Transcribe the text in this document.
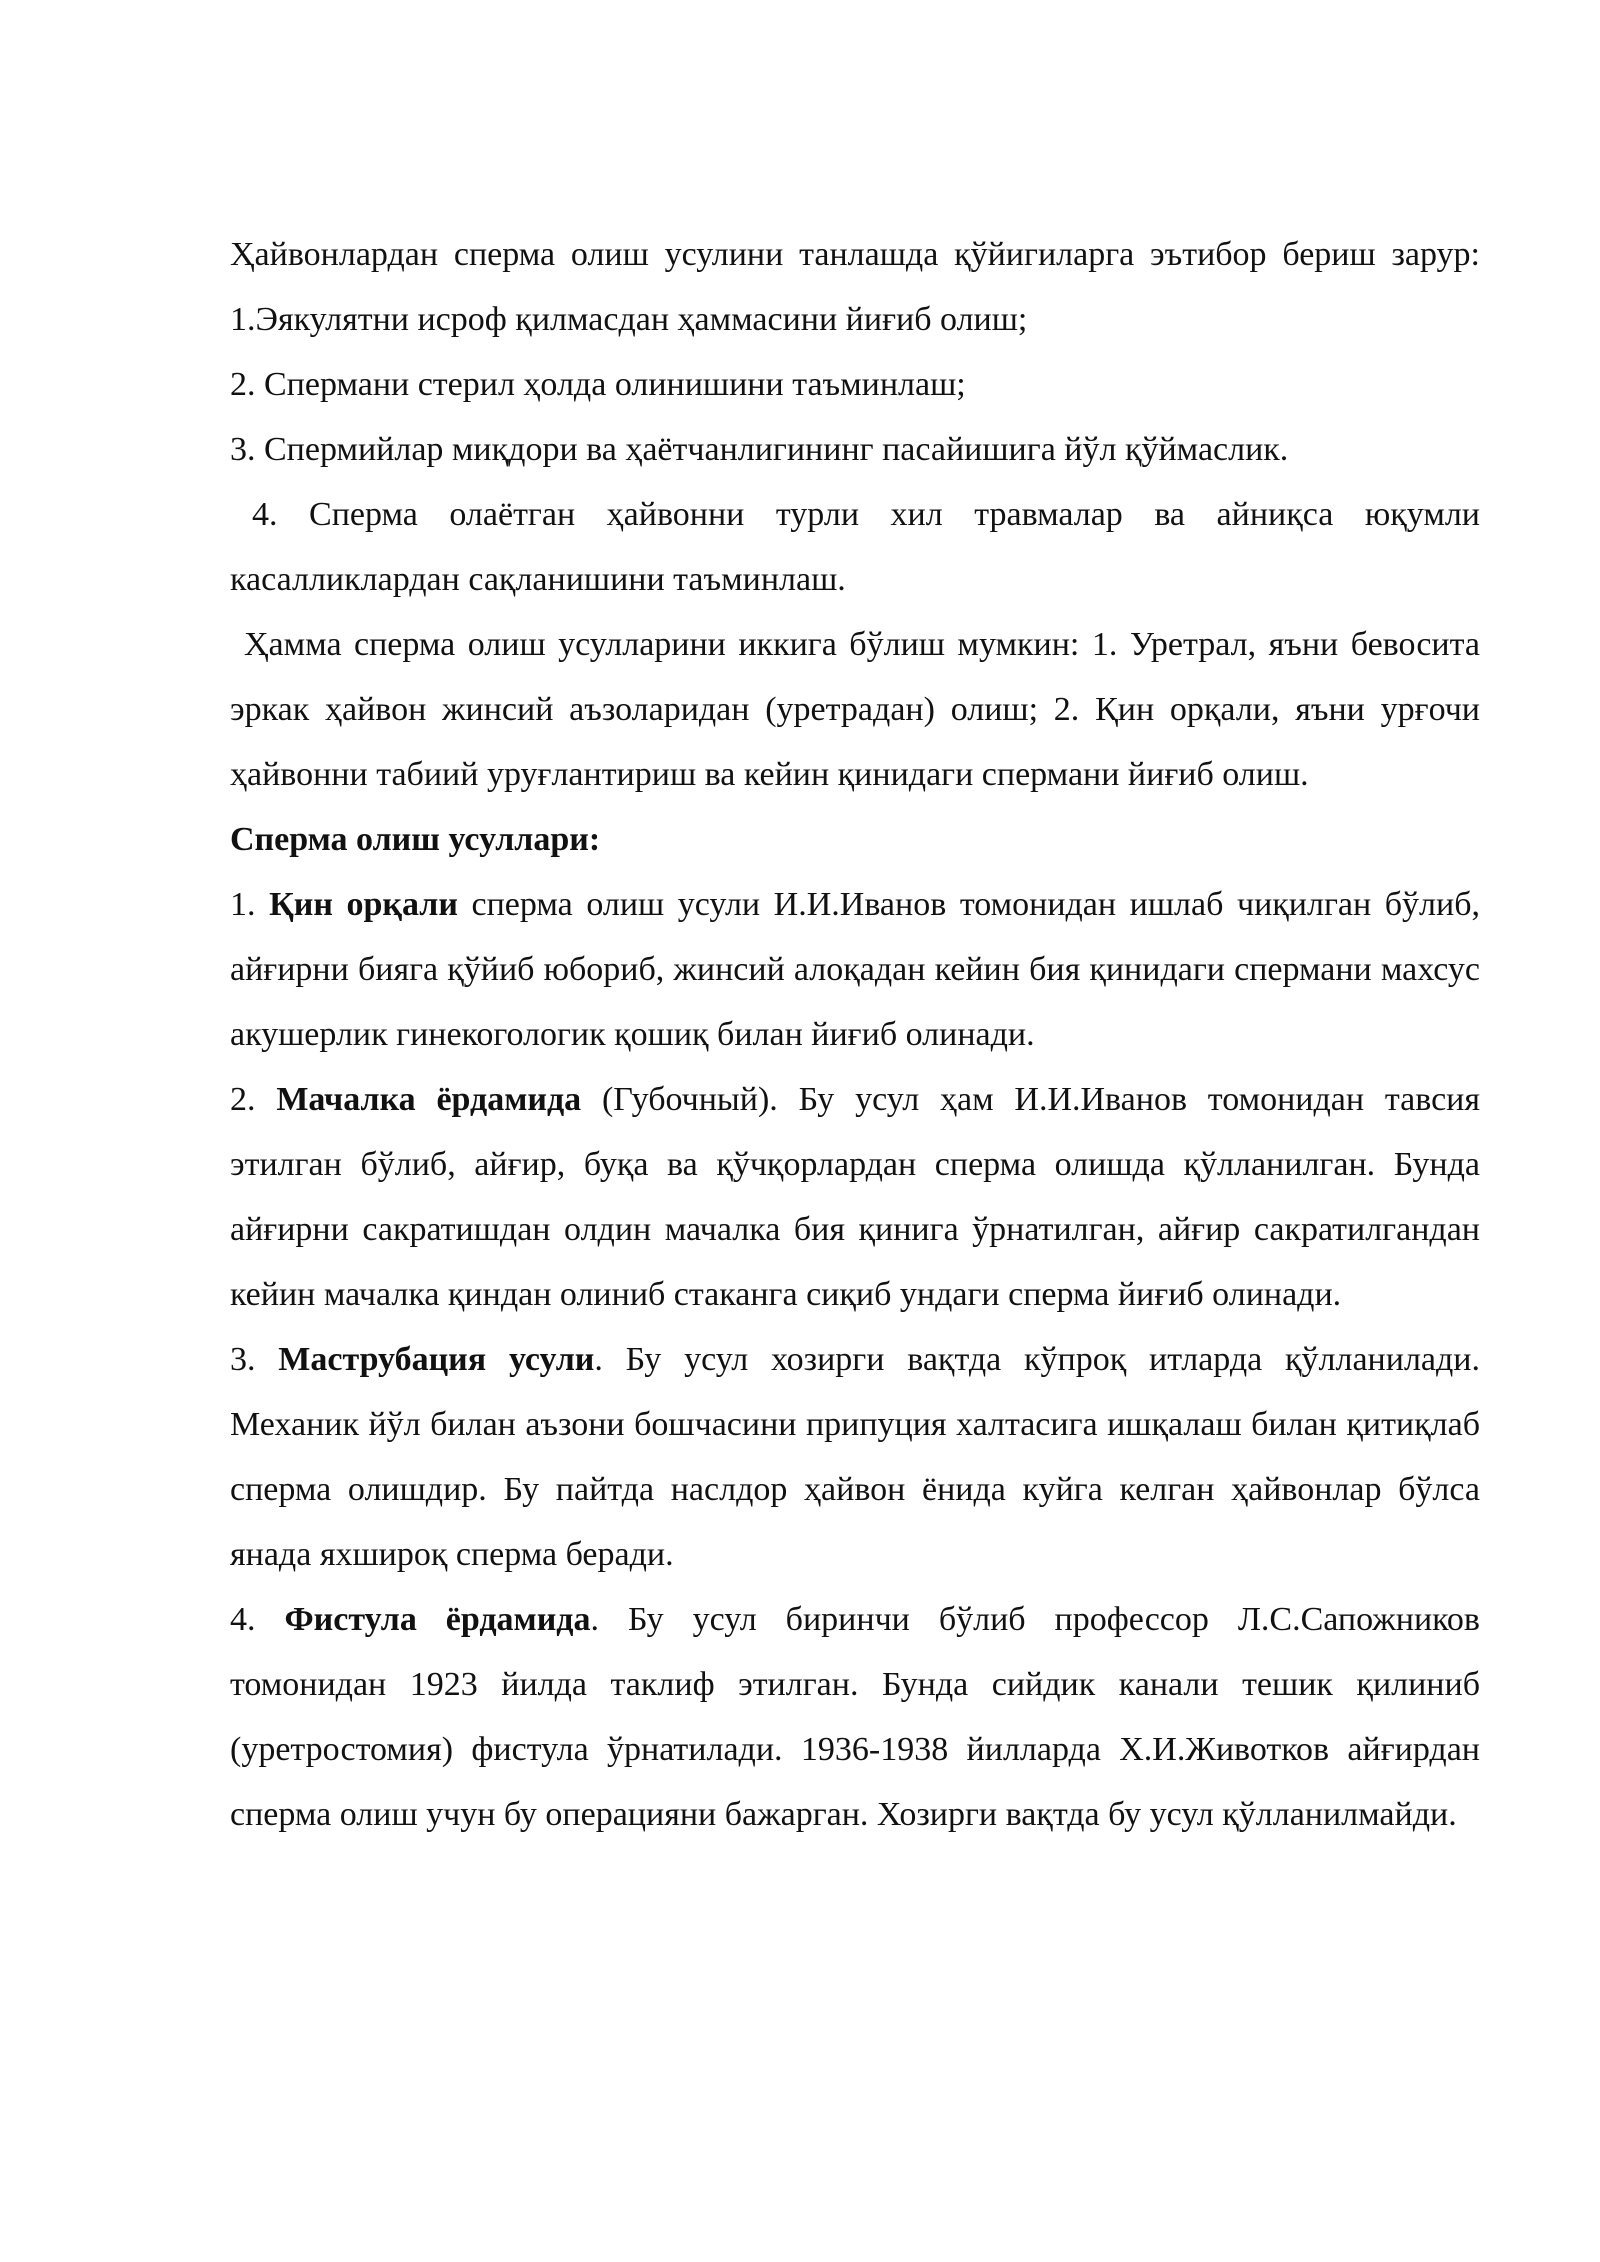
Ҳайвонлардан сперма олиш усулини танлашда қўйигиларга эътибор бериш зарур: 1.Эякулятни исроф қилмасдан ҳаммасини йиғиб олиш;

2. Спермани стерил ҳолда олинишини таъминлаш;

3. Спермийлар миқдори ва ҳаётчанлигининг пасайишига йўл қўймаслик.

4. Сперма олаётган ҳайвонни турли хил травмалар ва айниқса юқумли касалликлардан сақланишини таъминлаш.

Ҳамма сперма олиш усулларини иккига бўлиш мумкин: 1. Уретрал, яъни бевосита эркак ҳайвон жинсий аъзоларидан (уретрадан) олиш; 2. Қин орқали, яъни урғочи ҳайвонни табиий уруғлантириш ва кейин қинидаги спермани йиғиб олиш.

Сперма олиш усуллари:

1. Қин орқали сперма олиш усули И.И.Иванов томонидан ишлаб чиқилган бўлиб, айғирни бияга қўйиб юбориб, жинсий алоқадан кейин бия қинидаги спермани махсус акушерлик гинекогологик қошиқ билан йиғиб олинади.

2. Мачалка ёрдамида (Губочный). Бу усул ҳам И.И.Иванов томонидан тавсия этилган бўлиб, айғир, буқа ва қўчқорлардан сперма олишда қўлланилган. Бунда айғирни сакратишдан олдин мачалка бия қинига ўрнатилган, айғир сакратилгандан кейин мачалка қиндан олиниб стаканга сиқиб ундаги сперма йиғиб олинади.

3. Маструбация усули. Бу усул хозирги вақтда кўпроқ итларда қўлланилади. Механик йўл билан аъзони бошчасини припуция халтасига ишқалаш билан қитиқлаб сперма олишдир. Бу пайтда наслдор ҳайвон ёнида куйга келган ҳайвонлар бўлса янада яхшироқ сперма беради.

4. Фистула ёрдамида. Бу усул биринчи бўлиб профессор Л.С.Сапожников томонидан 1923 йилда таклиф этилган. Бунда сийдик канали тешик қилиниб (уретростомия) фистула ўрнатилади. 1936-1938 йилларда Х.И.Животков айғирдан сперма олиш учун бу операцияни бажарган. Хозирги вақтда бу усул қўлланилмайди.
